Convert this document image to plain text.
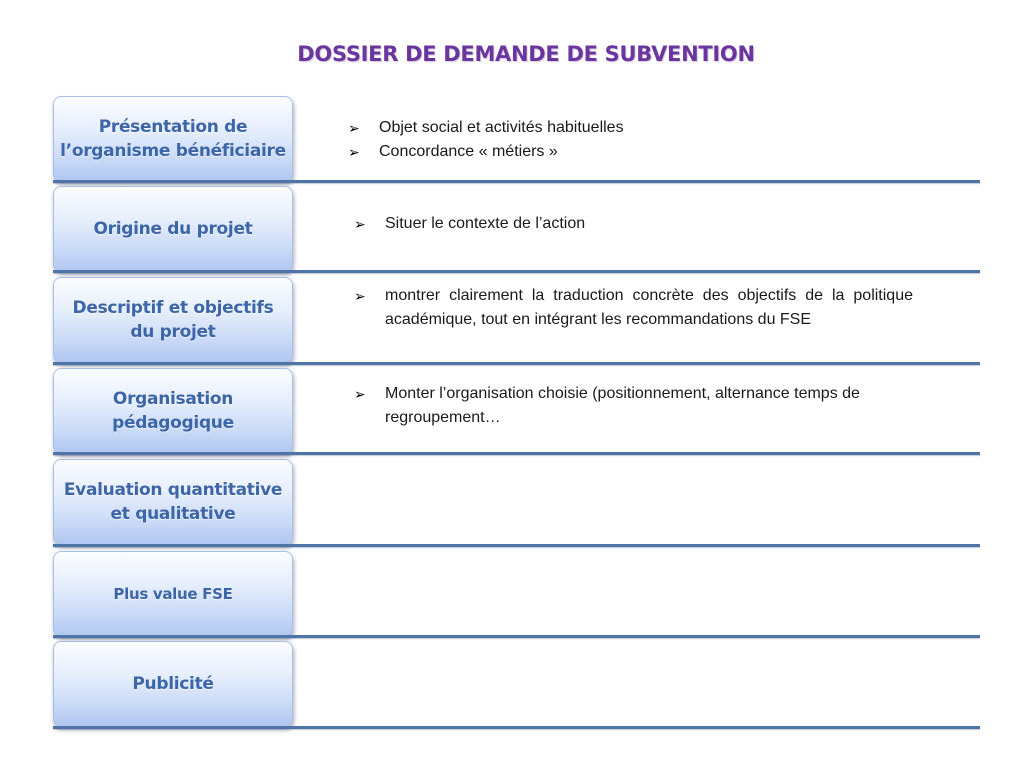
DOSSIER DE DEMANDE DE SUBVENTION
Présentation de l’organisme bénéficiaire
➢ Objet social et activités habituelles
➢ Concordance « métiers »
Origine du projet	➢ Situer le contexte de l’action
Descriptif et objectifs du projet
➢ montrer clairement la traduction concrète des objectifs de la politique académique, tout en intégrant les recommandations du FSE
Organisation pédagogique
➢ Monter l’organisation choisie (positionnement, alternance temps de regroupement…
Evaluation quantitative et qualitative
Plus value FSE
Publicité
